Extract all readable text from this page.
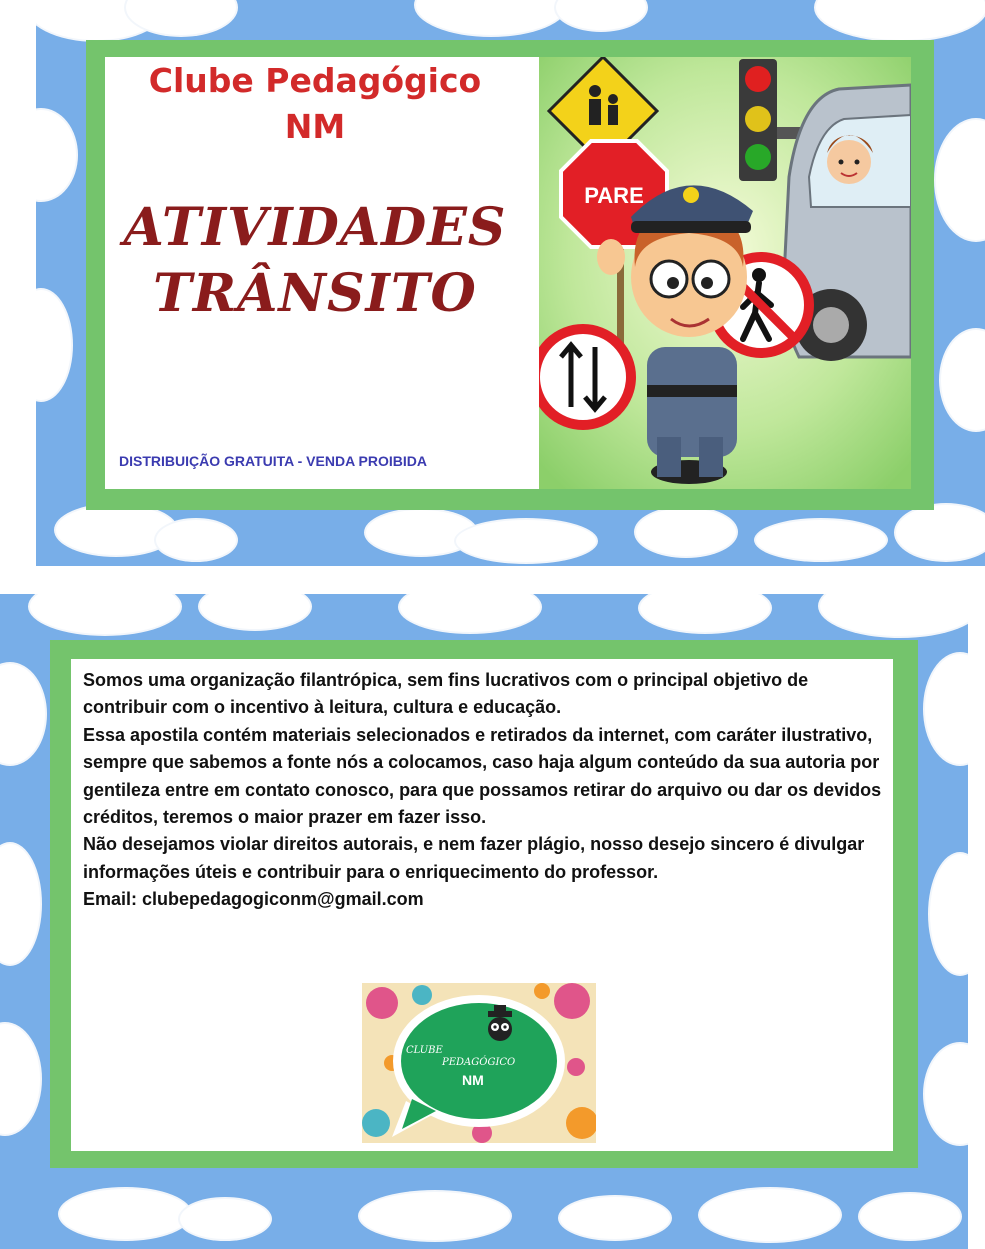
Clube Pedagógico
NM
ATIVIDADES
TRÂNSITO
DISTRIBUIÇÃO GRATUITA - VENDA PROIBIDA
PARE

Somos uma organização filantrópica, sem fins lucrativos com o principal objetivo de contribuir com o incentivo à leitura, cultura e educação.

Essa apostila contém materiais selecionados e retirados da internet, com caráter ilustrativo, sempre que sabemos a fonte nós a colocamos, caso haja algum conteúdo da sua autoria por gentileza entre em contato conosco, para que possamos retirar do arquivo ou dar os devidos créditos, teremos o maior prazer em fazer isso.

Não desejamos violar direitos autorais, e nem fazer plágio, nosso desejo sincero é divulgar informações úteis e contribuir para o enriquecimento do professor.

Email: clubepedagogiconm@gmail.com

CLUBE
PEDAGÓGICO
NM
